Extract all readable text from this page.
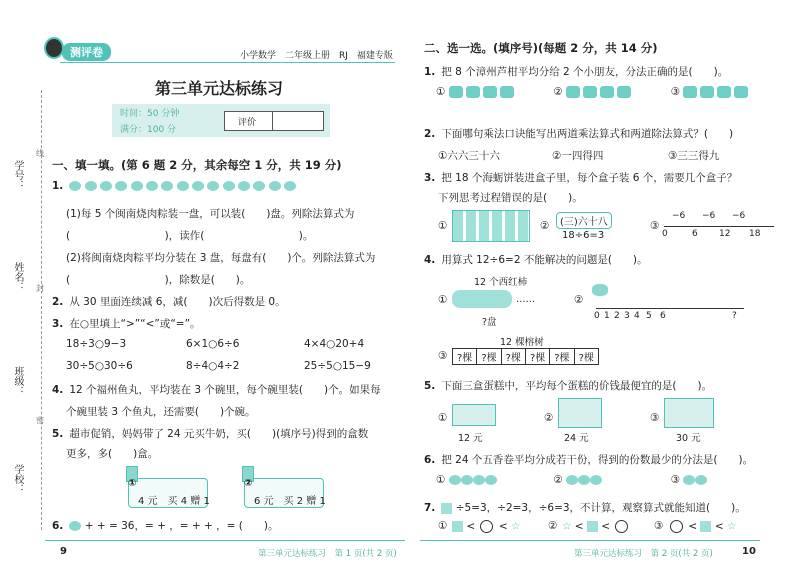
学号：
姓名：
班级：
学校：
线
封
密
测评卷	小学数学　二年级上册　RJ　福建专版
第三单元达标练习
时间：50 分钟
满分：100 分
评价
一、填一填。(第 6 题 2 分，其余每空 1 分，共 19 分)
1.
(1)每 5 个闽南烧肉粽装一盘，可以装(　　)盘。列除法算式为
(　　　　　　　　　)，读作(　　　　　　　　　)。
(2)将闽南烧肉粽平均分装在 3 盘，每盘有(　　)个。列除法算式为
(　　　　　　　　　)，除数是(　　)。
2. 从 30 里面连续减 6，减(　　)次后得数是 0。
3. 在○里填上“>”“<”或“=”。
18÷3○9−3	6×1○6÷6	4×4○20+4
30÷5○30÷6	8÷4○4÷2	25÷5○15−9
4. 12 个福州鱼丸，平均装在 3 个碗里，每个碗里装(　　)个。如果每
个碗里装 3 个鱼丸，还需要(　　)个碗。
5. 超市促销，妈妈带了 24 元买牛奶，买(　　)(填序号)得到的盒数
更多，多(　　)盒。
①
4 元　买 4 赠 1
②
6 元　买 2 赠 1
6. + + = 36，= + ，= + + ，= (　　)。
9	第三单元达标练习　第 1 页(共 2 页)
二、选一选。(填序号)(每题 2 分，共 14 分)
1. 把 8 个漳州芦柑平均分给 2 个小朋友，分法正确的是(　　)。
①	②	③
2. 下面哪句乘法口诀能写出两道乘法算式和两道除法算式？(　　)
①六六三十六	②一四得四	③三三得九
3. 把 18 个海蛎饼装进盒子里，每个盒子装 6 个，需要几个盒子？
下列思考过程错误的是(　　)。
①	②	(三)六十八
18÷6=3
③
−6 −6 −6
0	6 12 18
4. 用算式 12÷6=2 不能解决的问题是(　　)。
①
12 个西红柿
?盘
……	②
0 1 2 3 4 5 6	?
③
12 棵榕树
?棵	?棵	?棵	?棵	?棵	?棵
5. 下面三盒蛋糕中，平均每个蛋糕的价钱最便宜的是(　　)。
①
12 元
②
24 元
③
30 元
6. 把 24 个五香卷平均分成若干份，得到的份数最少的分法是(　　)。
①	②	③
7. ÷5=3，÷2=3，÷6=3，不计算，观察算式就能知道(　　)。
①	<  < ☆	② ☆ <  <	③	<  < ☆
第三单元达标练习　第 2 页(共 2 页)	10
